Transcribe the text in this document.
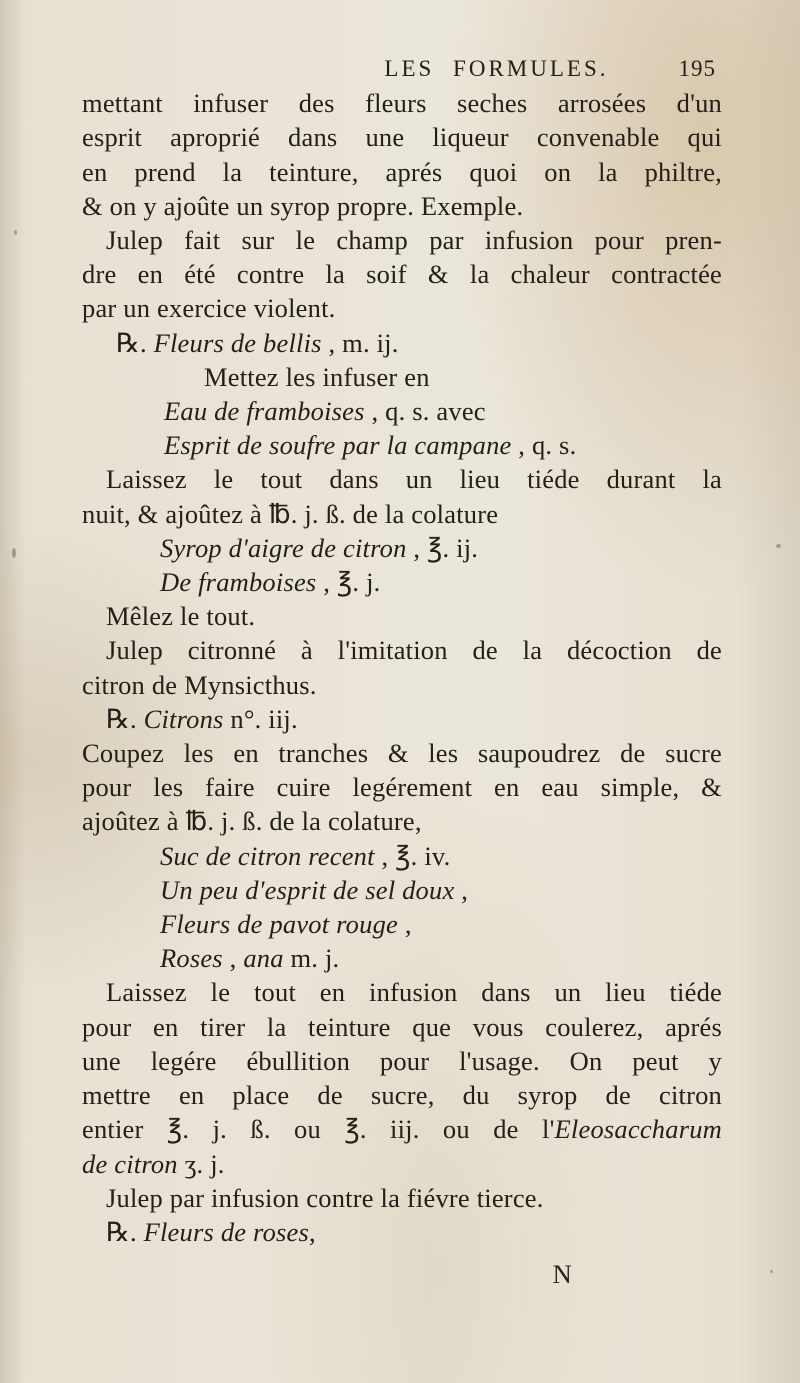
LES FORMULES.	195
mettant infuser des fleurs seches arrosées d'un
esprit aproprié dans une liqueur convenable qui
en prend la teinture, aprés quoi on la philtre,
& on y ajoûte un syrop propre. Exemple.
Julep fait sur le champ par infusion pour pren-
dre en été contre la soif & la chaleur contractée
par un exercice violent.
℞. Fleurs de bellis , m. ij.
Mettez les infuser en
Eau de framboises , q. s. avec
Esprit de soufre par la campane , q. s.
Laissez le tout dans un lieu tiéde durant la
nuit, & ajoûtez à ℔. j. ß. de la colature
Syrop d'aigre de citron , ℥. ij.
De framboises , ℥. j.
Mêlez le tout.
Julep citronné à l'imitation de la décoction de
citron de Mynsicthus.
℞. Citrons n°. iij.
Coupez les en tranches & les saupoudrez de sucre
pour les faire cuire legérement en eau simple, &
ajoûtez à ℔. j. ß. de la colature,
Suc de citron recent , ℥. iv.
Un peu d'esprit de sel doux ,
Fleurs de pavot rouge ,
Roses , ana m. j.
Laissez le tout en infusion dans un lieu tiéde
pour en tirer la teinture que vous coulerez, aprés
une legére ébullition pour l'usage. On peut y
mettre en place de sucre, du syrop de citron
entier ℥. j. ß. ou ℥. iij. ou de l'Eleosaccharum
de citron ʒ. j.
Julep par infusion contre la fiévre tierce.
℞. Fleurs de roses,
N
